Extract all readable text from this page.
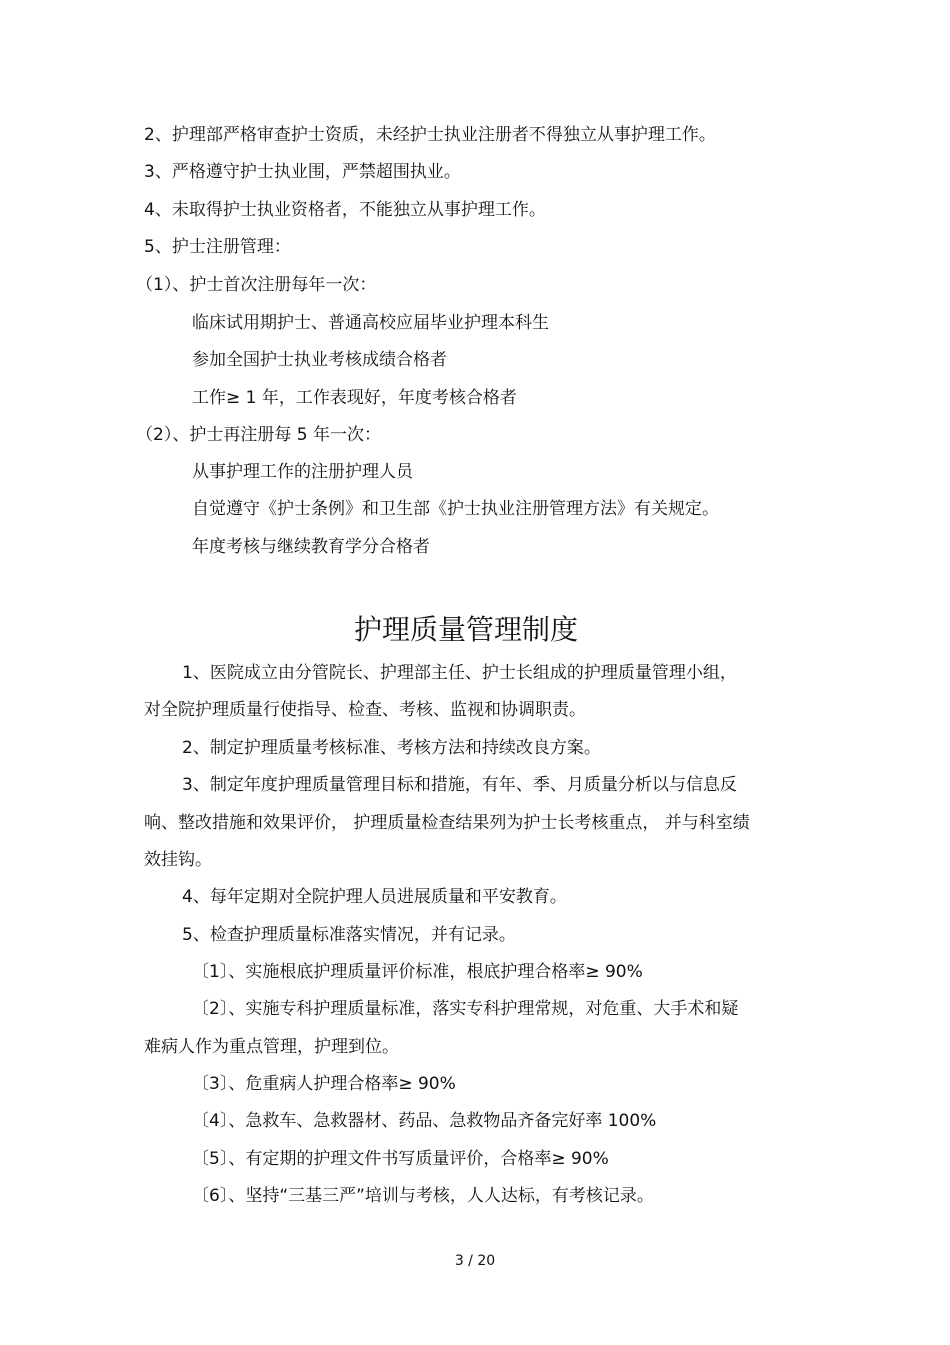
2、护理部严格审查护士资质，未经护士执业注册者不得独立从事护理工作。
3、严格遵守护士执业围，严禁超围执业。
4、未取得护士执业资格者，不能独立从事护理工作。
5、护士注册管理：
（1）、护士首次注册每年一次：
临床试用期护士、普通高校应届毕业护理本科生
参加全国护士执业考核成绩合格者
工作≥ 1 年，工作表现好，年度考核合格者
（2）、护士再注册每 5 年一次：
从事护理工作的注册护理人员
自觉遵守《护士条例》和卫生部《护士执业注册管理方法》有关规定。
年度考核与继续教育学分合格者
护理质量管理制度
1、医院成立由分管院长、护理部主任、护士长组成的护理质量管理小组，
对全院护理质量行使指导、检查、考核、监视和协调职责。
2、制定护理质量考核标准、考核方法和持续改良方案。
3、制定年度护理质量管理目标和措施，有年、季、月质量分析以与信息反
响、整改措施和效果评价， 护理质量检查结果列为护士长考核重点， 并与科室绩
效挂钩。
4、每年定期对全院护理人员进展质量和平安教育。
5、检查护理质量标准落实情况，并有记录。
〔1〕、实施根底护理质量评价标准，根底护理合格率≥ 90%
〔2〕、实施专科护理质量标准，落实专科护理常规，对危重、大手术和疑
难病人作为重点管理，护理到位。
〔3〕、危重病人护理合格率≥ 90%
〔4〕、急救车、急救器材、药品、急救物品齐备完好率 100%
〔5〕、有定期的护理文件书写质量评价，合格率≥ 90%
〔6〕、坚持“三基三严”培训与考核，人人达标，有考核记录。
3 / 20
